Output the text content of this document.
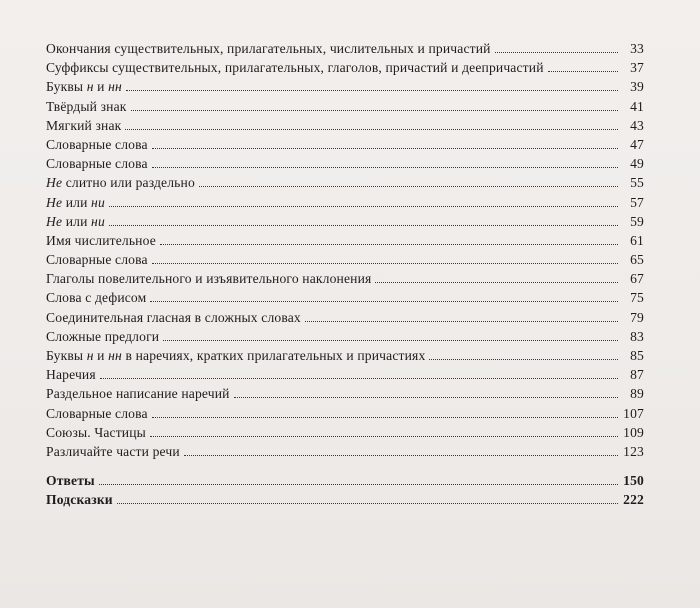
Окончания существительных, прилагательных, числительных и причастий	33
Суффиксы существительных, прилагательных, глаголов, причастий и деепричастий	37
Буквы н и нн	39
Твёрдый знак	41
Мягкий знак	43
Словарные слова	47
Словарные слова	49
Не слитно или раздельно	55
Не или ни	57
Не или ни	59
Имя числительное	61
Словарные слова	65
Глаголы повелительного и изъявительного наклонения	67
Слова с дефисом	75
Соединительная гласная в сложных словах	79
Сложные предлоги	83
Буквы н и нн в наречиях, кратких прилагательных и причастиях	85
Наречия	87
Раздельное написание наречий	89
Словарные слова	107
Союзы. Частицы	109
Различайте части речи	123
Ответы	150
Подсказки	222
